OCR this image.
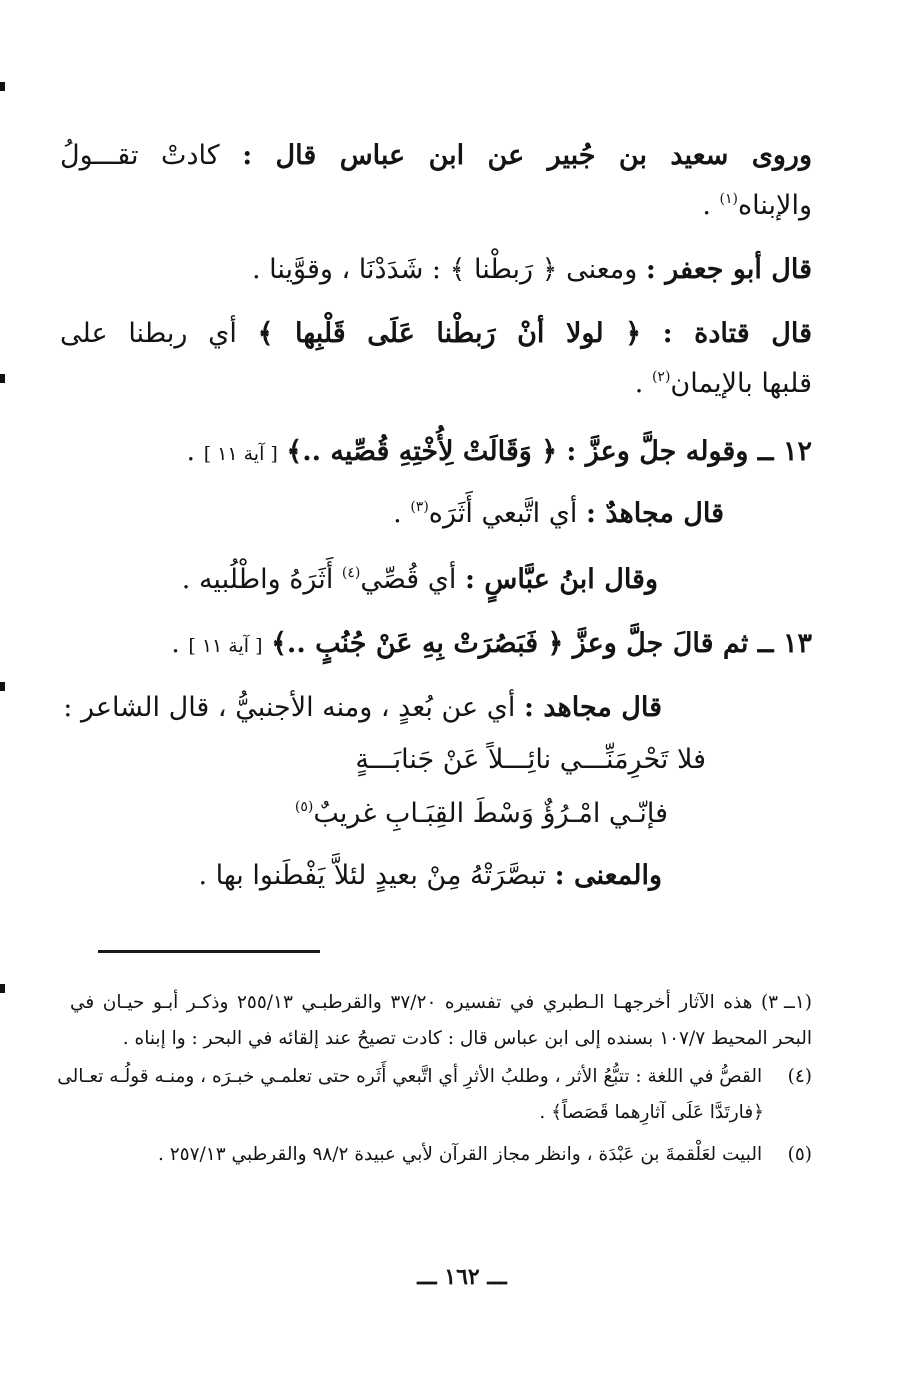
وروى سعيد بن جُبير عن ابن عباس قال : كادتْ تقـــولُ
والإبناه$^{(١)}$ .
قال أبو جعفر : ومعنى ﴿ رَبطْنا ﴾ : شَدَدْنَا ، وقوَّينا .
قال قتادة : ﴿ لولا أنْ رَبطْنا عَلَى قَلْبِها ﴾ أي ربطنا على
قلبها بالإيمان$^{(٢)}$ .
١٢ ــ وقوله جلَّ وعزَّ : ﴿ وَقَالَتْ لِأُخْتِهِ قُصِّيه ..﴾ [ آية ١١ ] .
قال مجاهدٌ : أي اتَّبعي أَثَرَه$^{(٣)}$ .
وقال ابنُ عبَّاسٍ : أي قُصِّي$^{(٤)}$ أَثَرَهُ واطْلُبيه .
١٣ ــ ثم قالَ جلَّ وعزَّ ﴿ فَبَصُرَتْ بِهِ عَنْ جُنُبٍ ..﴾ [ آية ١١ ] .
قال مجاهد : أي عن بُعدٍ ، ومنه الأجنبيُّ ، قال الشاعر :
فلا تَحْرِمَنِّـــي نائِـــلاً عَنْ جَنابَـــةٍ
فإنّـي امْـرُؤٌ وَسْطَ القِبَـابِ غريبٌ$^{(٥)}$
والمعنى : تبصَّرَتْهُ مِنْ بعيدٍ لئلاَّ يَفْطَنوا بها .
(١ــ ٣) هذه الآثار أخرجهـا الـطبري في تفسيره ٣٧/٢٠ والقرطبـي ٢٥٥/١٣ وذكـر أبـو حيـان في
البحر المحيط ١٠٧/٧ بسنده إلى ابن عباس قال : كادت تصيحُ عند إلقائه في البحر : وا إبناه .
(٤) القصُّ في اللغة : تتبُّعُ الأثر ، وطلبُ الأثرِ أي اتَّبعي أَثَره حتى تعلمـي خبـرَه ، ومنـه قولُـه تعـالى
﴿فارتَدَّا عَلَى آثارِهما قَصَصاً﴾ .
(٥) البيت لعَلْقمةَ بن عَبْدَة ، وانظر مجاز القرآن لأبي عبيدة ٩٨/٢ والقرطبي ٢٥٧/١٣ .
ـــ ١٦٢ ـــ
